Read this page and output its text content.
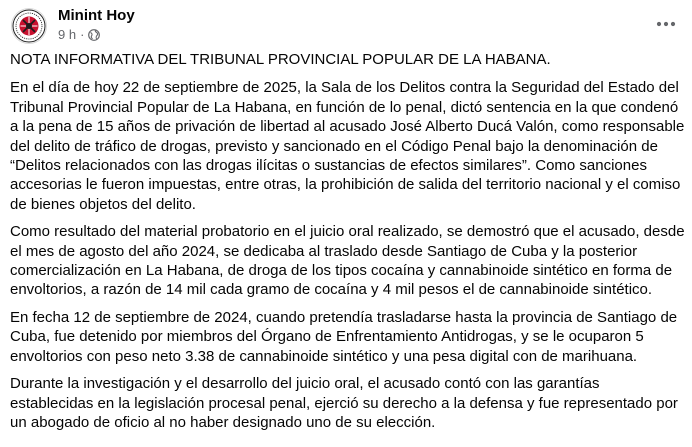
Minint Hoy
9 h ·

NOTA INFORMATIVA DEL TRIBUNAL PROVINCIAL POPULAR DE LA HABANA.

En el día de hoy 22 de septiembre de 2025, la Sala de los Delitos contra la Seguridad del Estado del Tribunal Provincial Popular de La Habana, en función de lo penal, dictó sentencia en la que condenó a la pena de 15 años de privación de libertad al acusado José Alberto Ducá Valón, como responsable del delito de tráfico de drogas, previsto y sancionado en el Código Penal bajo la denominación de “Delitos relacionados con las drogas ilícitas o sustancias de efectos similares”. Como sanciones accesorias le fueron impuestas, entre otras, la prohibición de salida del territorio nacional y el comiso de bienes objetos del delito.

Como resultado del material probatorio en el juicio oral realizado, se demostró que el acusado, desde el mes de agosto del año 2024, se dedicaba al traslado desde Santiago de Cuba y la posterior comercialización en La Habana, de droga de los tipos cocaína y cannabinoide sintético en forma de envoltorios, a razón de 14 mil cada gramo de cocaína y 4 mil pesos el de cannabinoide sintético.

En fecha 12 de septiembre de 2024, cuando pretendía trasladarse hasta la provincia de Santiago de Cuba, fue detenido por miembros del Órgano de Enfrentamiento Antidrogas, y se le ocuparon 5 envoltorios con peso neto 3.38 de cannabinoide sintético y una pesa digital con de marihuana.

Durante la investigación y el desarrollo del juicio oral, el acusado contó con las garantías establecidas en la legislación procesal penal, ejerció su derecho a la defensa y fue representado por un abogado de oficio al no haber designado uno de su elección.
